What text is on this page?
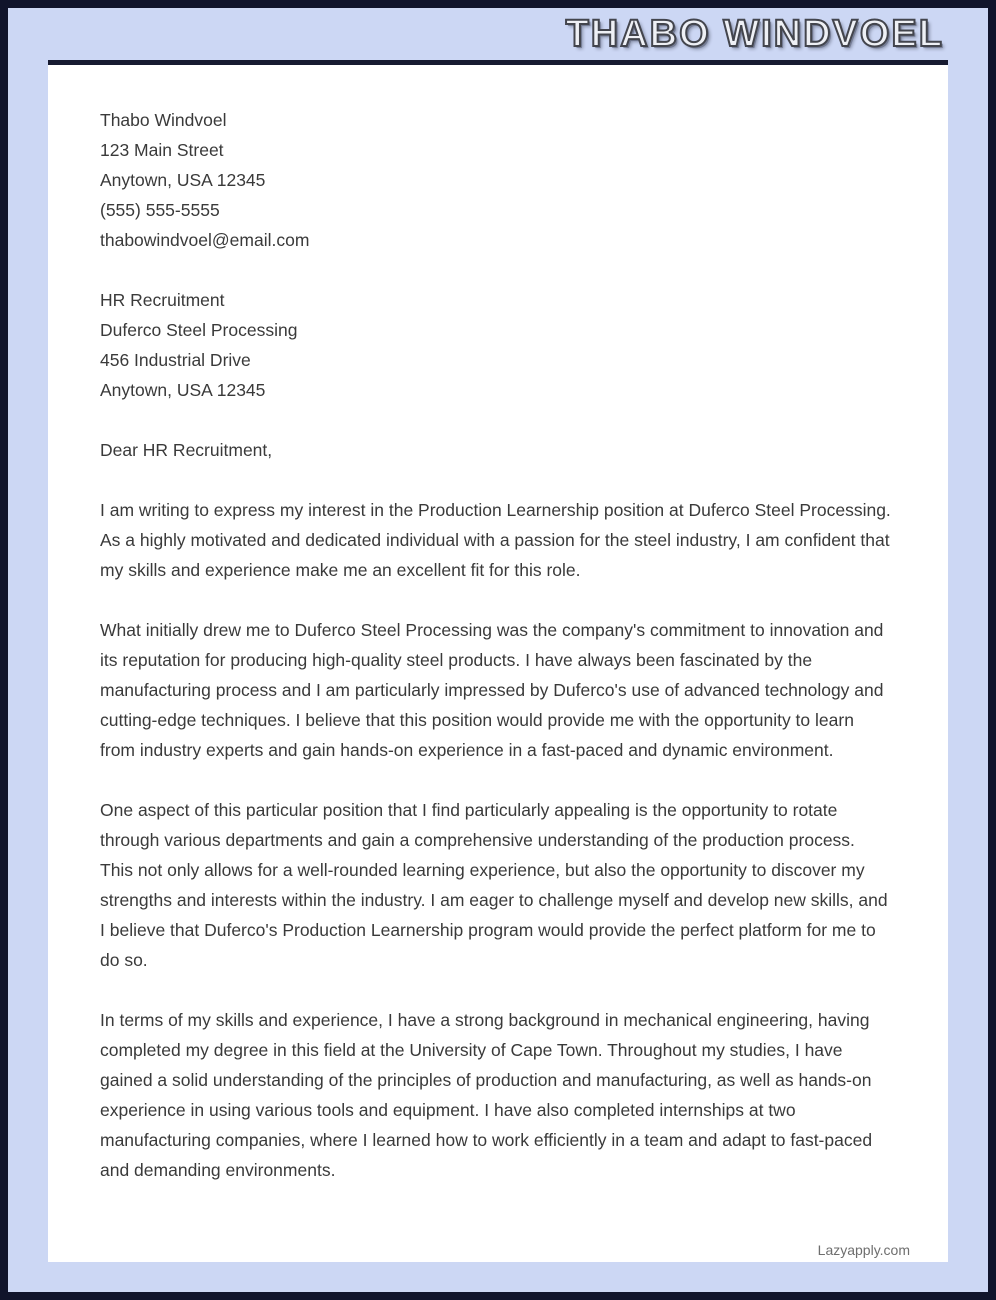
THABO WINDVOEL
Thabo Windvoel
123 Main Street
Anytown, USA 12345
(555) 555-5555
thabowindvoel@email.com
HR Recruitment
Duferco Steel Processing
456 Industrial Drive
Anytown, USA 12345
Dear HR Recruitment,

I am writing to express my interest in the Production Learnership position at Duferco Steel Processing. As a highly motivated and dedicated individual with a passion for the steel industry, I am confident that my skills and experience make me an excellent fit for this role.

What initially drew me to Duferco Steel Processing was the company's commitment to innovation and its reputation for producing high-quality steel products. I have always been fascinated by the manufacturing process and I am particularly impressed by Duferco's use of advanced technology and cutting-edge techniques. I believe that this position would provide me with the opportunity to learn from industry experts and gain hands-on experience in a fast-paced and dynamic environment.

One aspect of this particular position that I find particularly appealing is the opportunity to rotate through various departments and gain a comprehensive understanding of the production process. This not only allows for a well-rounded learning experience, but also the opportunity to discover my strengths and interests within the industry. I am eager to challenge myself and develop new skills, and I believe that Duferco's Production Learnership program would provide the perfect platform for me to do so.

In terms of my skills and experience, I have a strong background in mechanical engineering, having completed my degree in this field at the University of Cape Town. Throughout my studies, I have gained a solid understanding of the principles of production and manufacturing, as well as hands-on experience in using various tools and equipment. I have also completed internships at two manufacturing companies, where I learned how to work efficiently in a team and adapt to fast-paced and demanding environments.

Lazyapply.com
